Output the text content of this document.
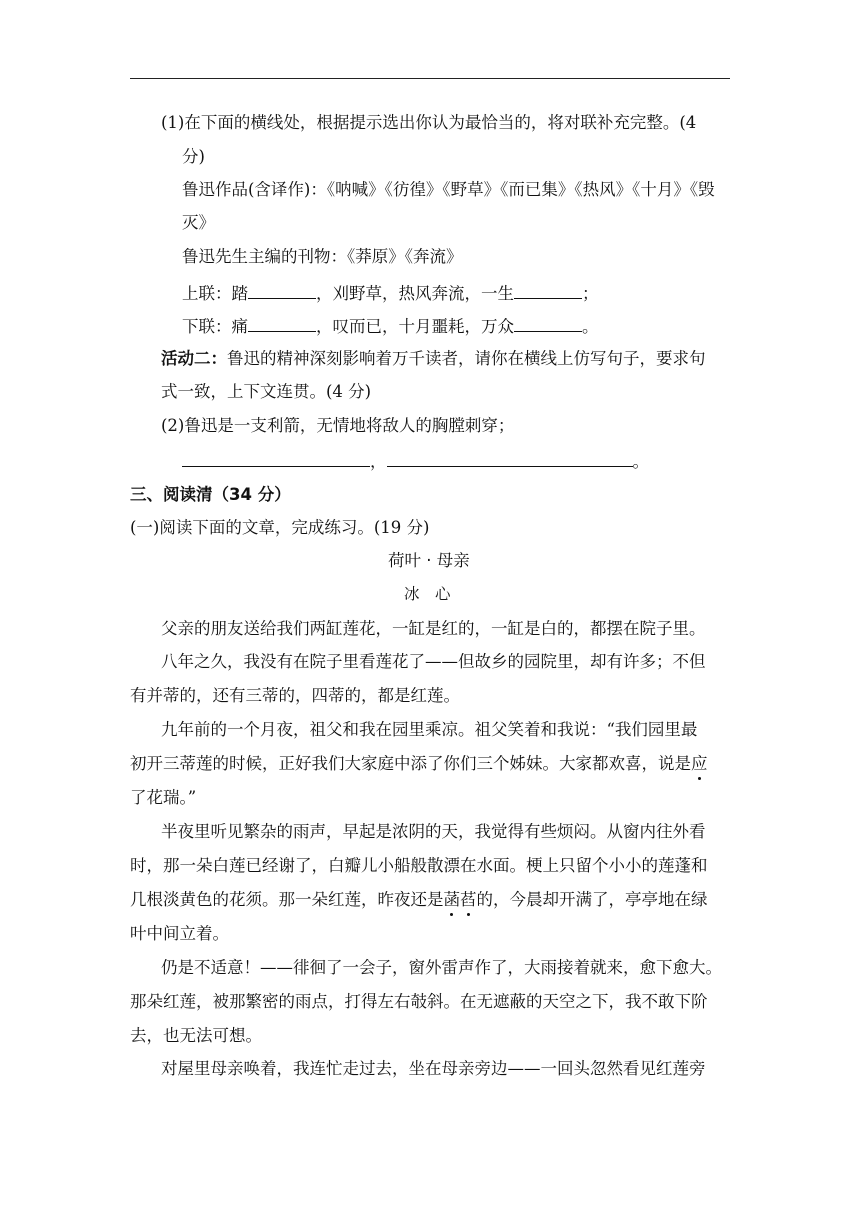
(1)在下面的横线处，根据提示选出你认为最恰当的，将对联补充完整。(4
分)
鲁迅作品(含译作)：《呐喊》《彷徨》《野草》《而已集》《热风》《十月》《毁
灭》
鲁迅先生主编的刊物：《莽原》《奔流》
上联：踏	，刈野草，热风奔流，一生	；
下联：痛	，叹而已，十月噩耗，万众	。
活动二：鲁迅的精神深刻影响着万千读者，请你在横线上仿写句子，要求句
式一致，上下文连贯。(4 分)
(2)鲁迅是一支利箭，无情地将敌人的胸膛刺穿；
，	。
三、阅读清（34 分）
(一)阅读下面的文章，完成练习。(19 分)
荷叶 · 母亲
冰　心
父亲的朋友送给我们两缸莲花，一缸是红的，一缸是白的，都摆在院子里。
八年之久，我没有在院子里看莲花了——但故乡的园院里，却有许多；不但
有并蒂的，还有三蒂的，四蒂的，都是红莲。
九年前的一个月夜，祖父和我在园里乘凉。祖父笑着和我说：“我们园里最
初开三蒂莲的时候，正好我们大家庭中添了你们三个姊妹。大家都欢喜，说是应
了花瑞。”
半夜里听见繁杂的雨声，早起是浓阴的天，我觉得有些烦闷。从窗内往外看
时，那一朵白莲已经谢了，白瓣儿小船般散漂在水面。梗上只留个小小的莲蓬和
几根淡黄色的花须。那一朵红莲，昨夜还是菡萏的，今晨却开满了，亭亭地在绿
叶中间立着。
仍是不适意！——徘徊了一会子，窗外雷声作了，大雨接着就来，愈下愈大。
那朵红莲，被那繁密的雨点，打得左右攲斜。在无遮蔽的天空之下，我不敢下阶
去，也无法可想。
对屋里母亲唤着，我连忙走过去，坐在母亲旁边——一回头忽然看见红莲旁
